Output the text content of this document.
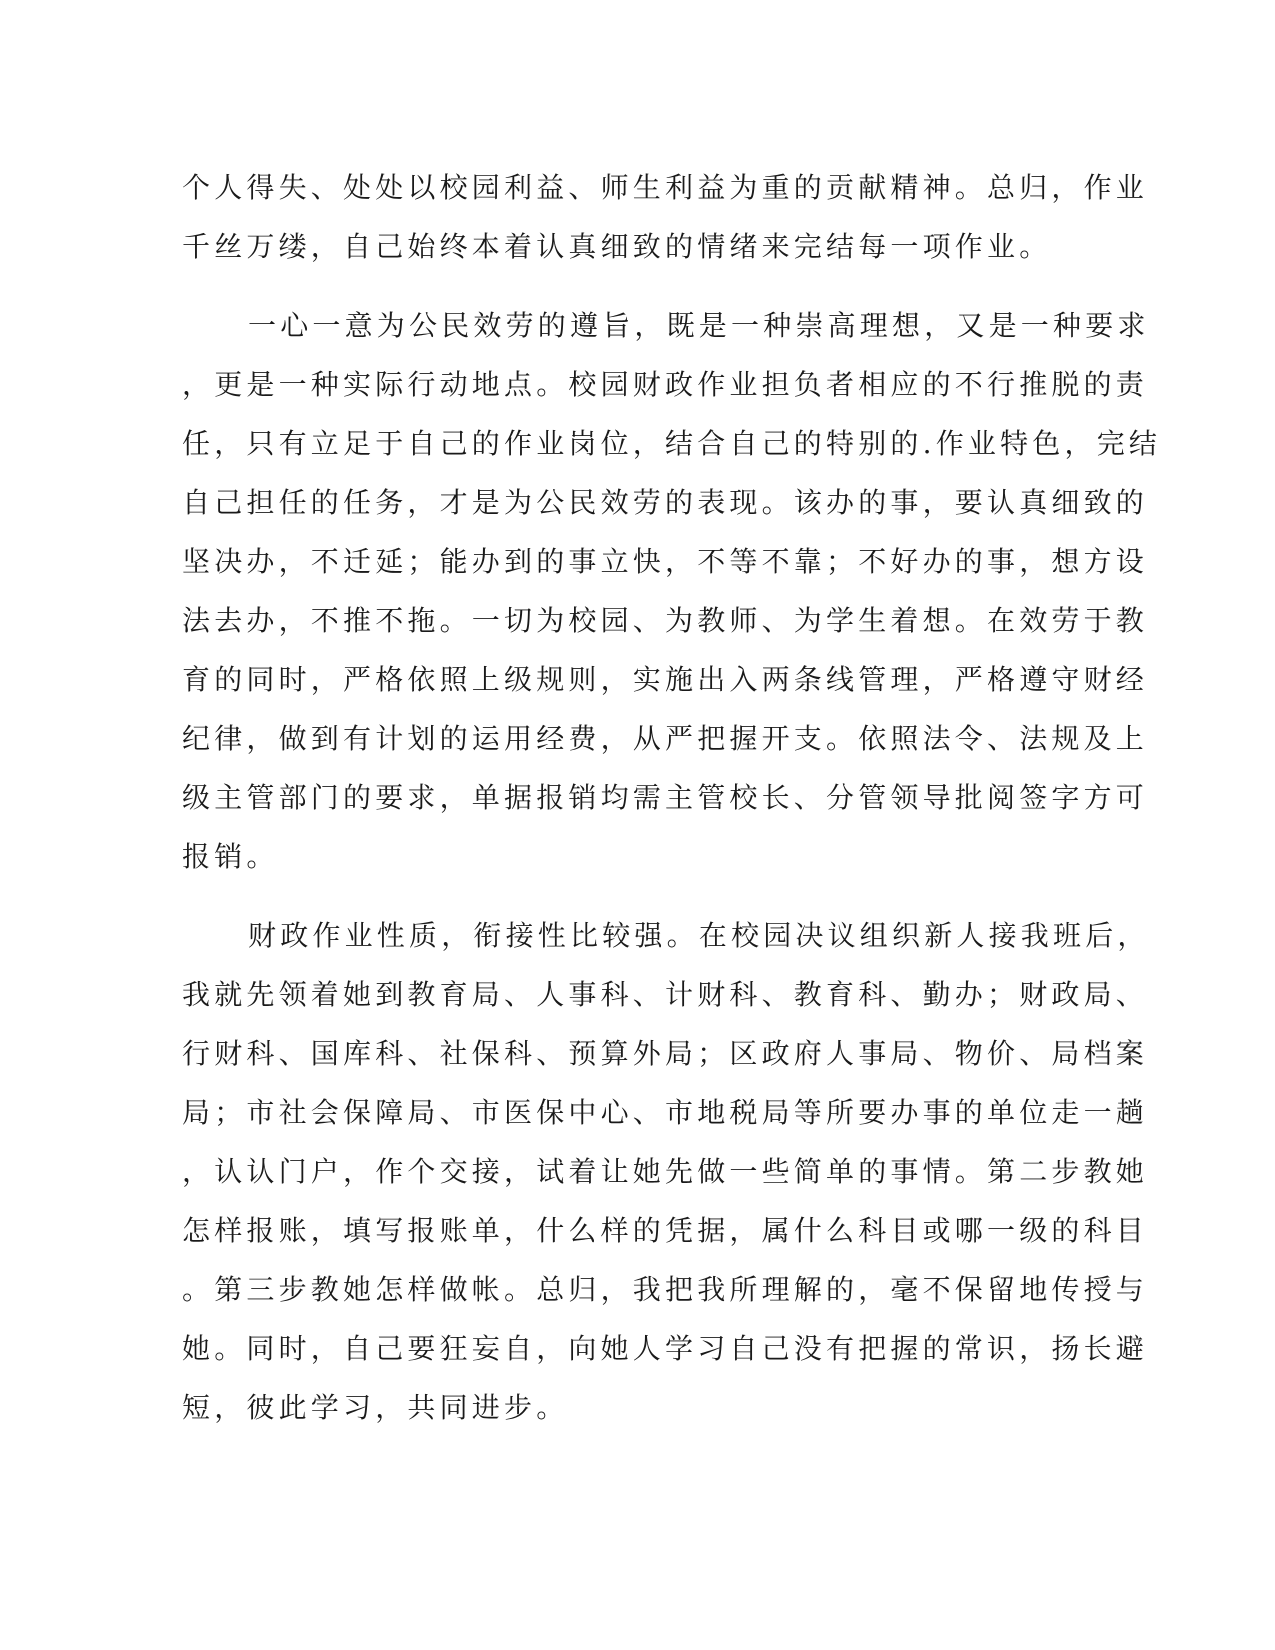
个人得失、处处以校园利益、师生利益为重的贡献精神。总归，作业
千丝万缕，自己始终本着认真细致的情绪来完结每一项作业。
一心一意为公民效劳的遵旨，既是一种崇高理想，又是一种要求
，更是一种实际行动地点。校园财政作业担负者相应的不行推脱的责
任，只有立足于自己的作业岗位，结合自己的特别的.作业特色，完结
自己担任的任务，才是为公民效劳的表现。该办的事，要认真细致的
坚决办，不迁延；能办到的事立快，不等不靠；不好办的事，想方设
法去办，不推不拖。一切为校园、为教师、为学生着想。在效劳于教
育的同时，严格依照上级规则，实施出入两条线管理，严格遵守财经
纪律，做到有计划的运用经费，从严把握开支。依照法令、法规及上
级主管部门的要求，单据报销均需主管校长、分管领导批阅签字方可
报销。
财政作业性质，衔接性比较强。在校园决议组织新人接我班后，
我就先领着她到教育局、人事科、计财科、教育科、勤办；财政局、
行财科、国库科、社保科、预算外局；区政府人事局、物价、局档案
局；市社会保障局、市医保中心、市地税局等所要办事的单位走一趟
，认认门户，作个交接，试着让她先做一些简单的事情。第二步教她
怎样报账，填写报账单，什么样的凭据，属什么科目或哪一级的科目
。第三步教她怎样做帐。总归，我把我所理解的，毫不保留地传授与
她。同时，自己要狂妄自，向她人学习自己没有把握的常识，扬长避
短，彼此学习，共同进步。
